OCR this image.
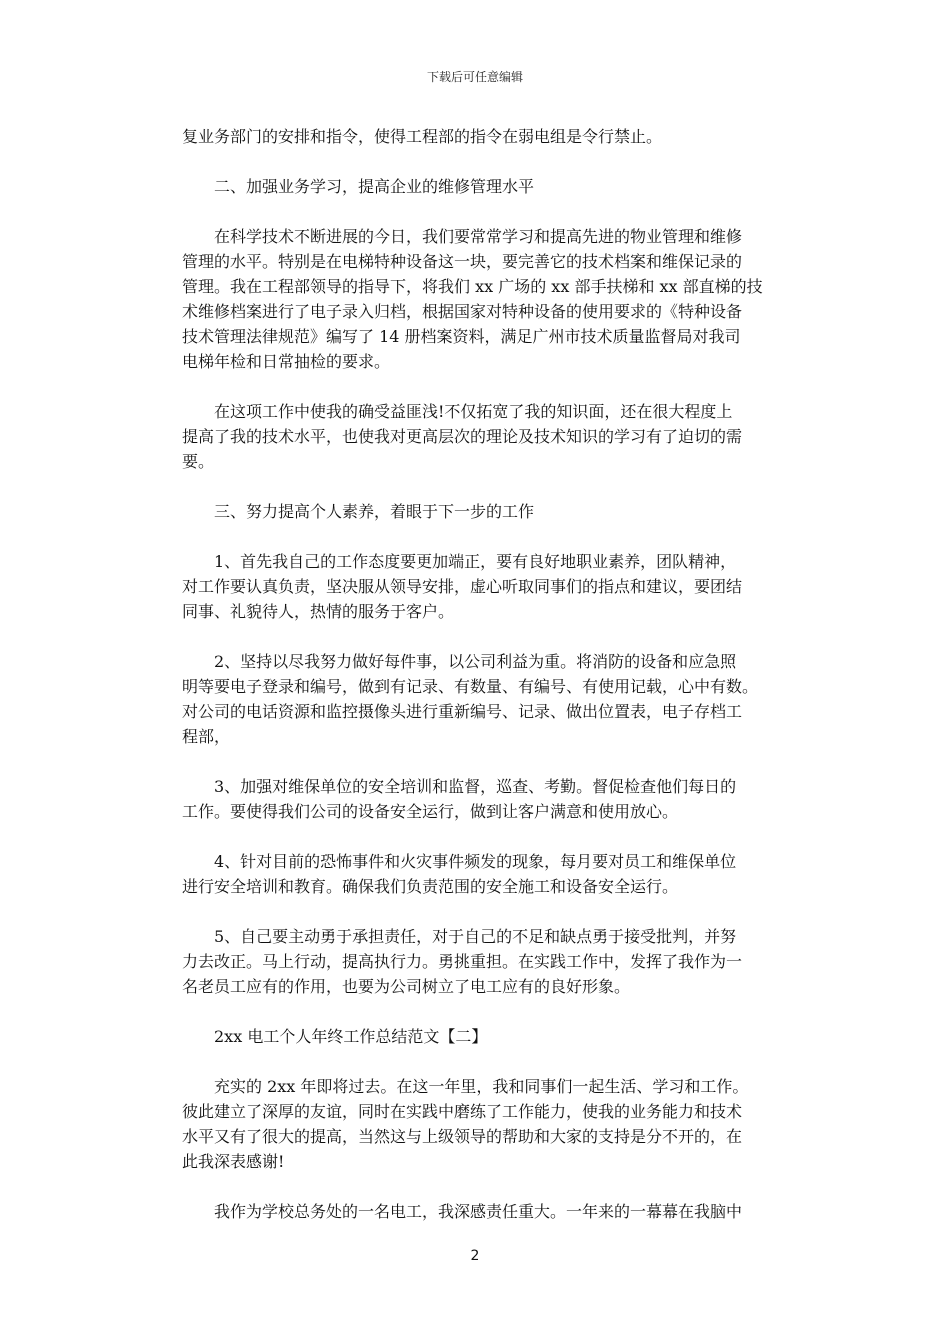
下载后可任意编辑
复业务部门的安排和指令，使得工程部的指令在弱电组是令行禁止。
二、加强业务学习，提高企业的维修管理水平
在科学技术不断进展的今日，我们要常常学习和提高先进的物业管理和维修
管理的水平。特别是在电梯特种设备这一块，要完善它的技术档案和维保记录的
管理。我在工程部领导的指导下，将我们 xx 广场的 xx 部手扶梯和 xx 部直梯的技
术维修档案进行了电子录入归档，根据国家对特种设备的使用要求的《特种设备
技术管理法律规范》编写了 14 册档案资料，满足广州市技术质量监督局对我司
电梯年检和日常抽检的要求。
在这项工作中使我的确受益匪浅!不仅拓宽了我的知识面，还在很大程度上
提高了我的技术水平，也使我对更高层次的理论及技术知识的学习有了迫切的需
要。
三、努力提高个人素养，着眼于下一步的工作
1、首先我自己的工作态度要更加端正，要有良好地职业素养，团队精神，
对工作要认真负责，坚决服从领导安排，虚心听取同事们的指点和建议，要团结
同事、礼貌待人，热情的服务于客户。
2、坚持以尽我努力做好每件事，以公司利益为重。将消防的设备和应急照
明等要电子登录和编号，做到有记录、有数量、有编号、有使用记载，心中有数。
对公司的电话资源和监控摄像头进行重新编号、记录、做出位置表，电子存档工
程部，
3、加强对维保单位的安全培训和监督，巡查、考勤。督促检查他们每日的
工作。要使得我们公司的设备安全运行，做到让客户满意和使用放心。
4、针对目前的恐怖事件和火灾事件频发的现象，每月要对员工和维保单位
进行安全培训和教育。确保我们负责范围的安全施工和设备安全运行。
5、自己要主动勇于承担责任，对于自己的不足和缺点勇于接受批判，并努
力去改正。马上行动，提高执行力。勇挑重担。在实践工作中，发挥了我作为一
名老员工应有的作用，也要为公司树立了电工应有的良好形象。
2xx 电工个人年终工作总结范文【二】
充实的 2xx 年即将过去。在这一年里，我和同事们一起生活、学习和工作。
彼此建立了深厚的友谊，同时在实践中磨练了工作能力，使我的业务能力和技术
水平又有了很大的提高，当然这与上级领导的帮助和大家的支持是分不开的，在
此我深表感谢!
我作为学校总务处的一名电工，我深感责任重大。一年来的一幕幕在我脑中
2
